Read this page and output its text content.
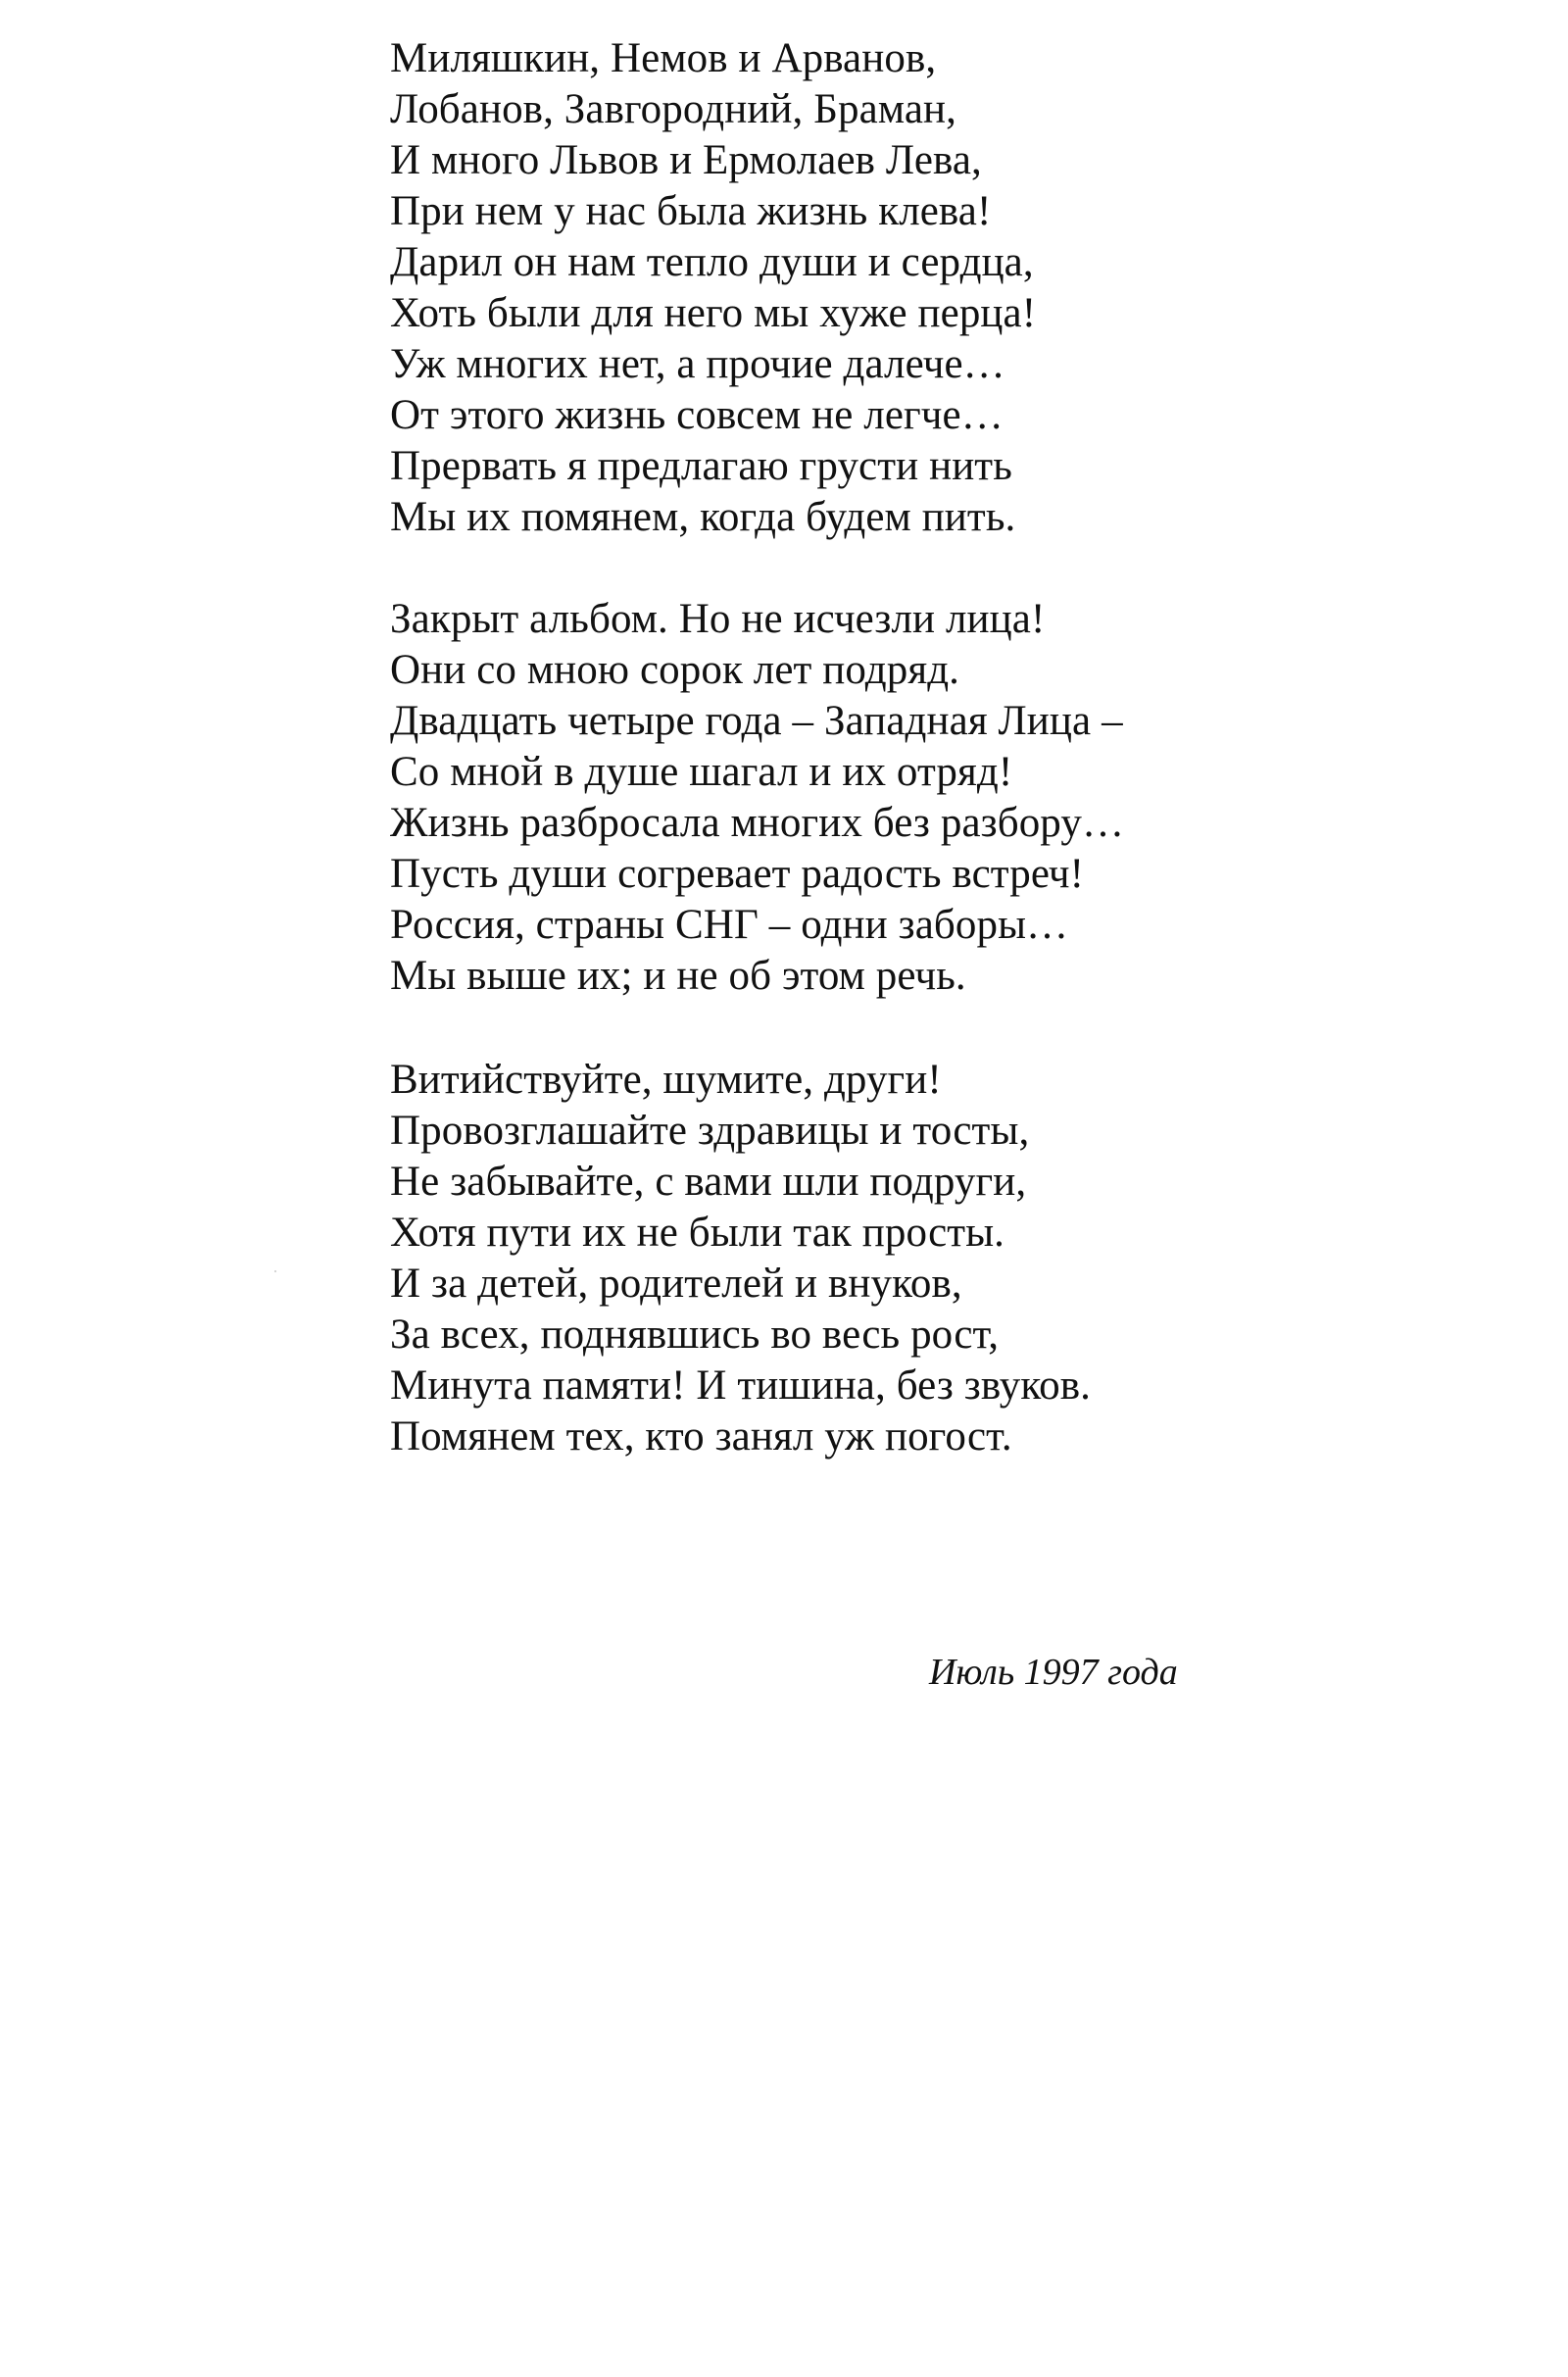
Миляшкин, Немов и Арванов,
Лобанов, Завгородний, Браман,
И много Львов и Ермолаев Лева,
При нем у нас была жизнь клева!
Дарил он нам тепло души и сердца,
Хоть были для него мы хуже перца!
Уж многих нет, а прочие далече…
От этого жизнь совсем не легче…
Прервать я предлагаю грусти нить
Мы их помянем, когда будем пить.
Закрыт альбом. Но не исчезли лица!
Они со мною сорок лет подряд.
Двадцать четыре года – Западная Лица –
Со мной в душе шагал и их отряд!
Жизнь разбросала многих без разбору…
Пусть души согревает радость встреч!
Россия, страны СНГ – одни заборы…
Мы выше их; и не об этом речь.
Витийствуйте, шумите, други!
Провозглашайте здравицы и тосты,
Не забывайте, с вами шли подруги,
Хотя пути их не были так просты.
И за детей, родителей и внуков,
За всех, поднявшись во весь рост,
Минута памяти! И тишина, без звуков.
Помянем тех, кто занял уж погост.
Июль 1997 года
